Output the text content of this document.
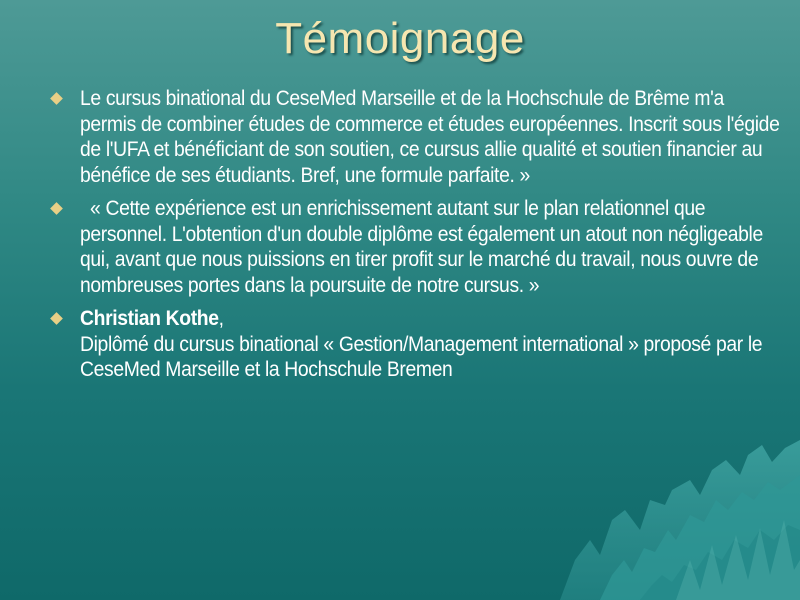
Témoignage
Le cursus binational du CeseMed Marseille et de la Hochschule de Brême m'a permis de combiner études de commerce et études européennes. Inscrit sous l'égide de l'UFA et bénéficiant de son soutien, ce cursus allie qualité et soutien financier au bénéfice de ses étudiants. Bref, une formule parfaite. »
« Cette expérience est un enrichissement autant sur le plan relationnel que personnel. L'obtention d'un double diplôme est également un atout non négligeable qui, avant que nous puissions en tirer profit sur le marché du travail, nous ouvre de nombreuses portes dans la poursuite de notre cursus. »
Christian Kothe,
Diplômé du cursus binational « Gestion/Management international » proposé par le CeseMed Marseille et la Hochschule Bremen
